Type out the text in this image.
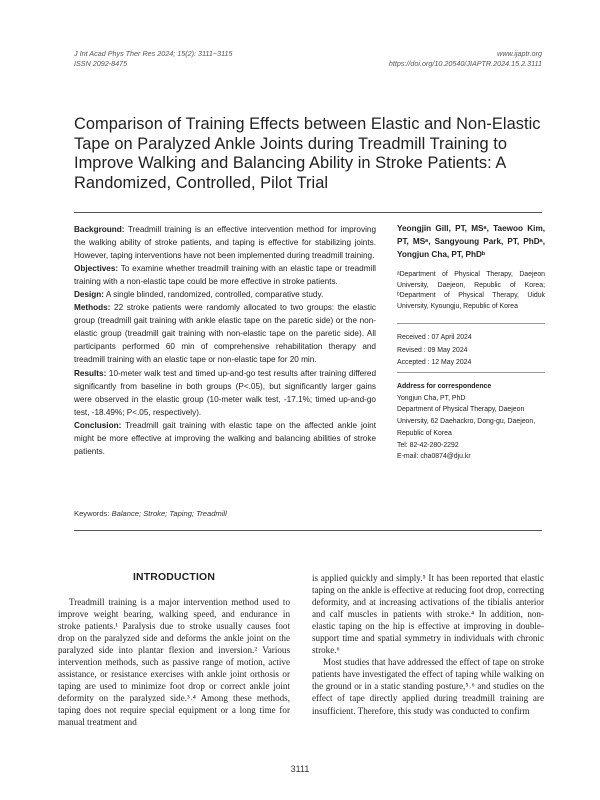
J Int Acad Phys Ther Res 2024; 15(2): 3111~3115
ISSN 2092-8475
www.ijaptr.org
https://doi.org/10.20540/JIAPTR.2024.15.2.3111
Comparison of Training Effects between Elastic and Non-Elastic Tape on Paralyzed Ankle Joints during Treadmill Training to Improve Walking and Balancing Ability in Stroke Patients: A Randomized, Controlled, Pilot Trial

Background: Treadmill training is an effective intervention method for improving the walking ability of stroke patients, and taping is effective for stabilizing joints. However, taping interventions have not been implemented during treadmill training.

Objectives: To examine whether treadmill training with an elastic tape or treadmill training with a non-elastic tape could be more effective in stroke patients.

Design: A single blinded, randomized, controlled, comparative study.

Methods: 22 stroke patients were randomly allocated to two groups: the elastic group (treadmill gait training with ankle elastic tape on the paretic side) or the non-elastic group (treadmill gait training with non-elastic tape on the paretic side). All participants performed 60 min of comprehensive rehabilitation therapy and treadmill training with an elastic tape or non-elastic tape for 20 min.

Results: 10-meter walk test and timed up-and-go test results after training differed significantly from baseline in both groups (P<.05), but significantly larger gains were observed in the elastic group (10-meter walk test, -17.1%; timed up-and-go test, -18.49%; P<.05, respectively).

Conclusion: Treadmill gait training with elastic tape on the affected ankle joint might be more effective at improving the walking and balancing abilities of stroke patients.

Keywords: Balance; Stroke; Taping; Treadmill
Yeongjin Gill, PT, MSᵃ, Taewoo Kim, PT, MSᵃ, Sangyoung Park, PT, PhDᵃ, Yongjun Cha, PT, PhDᵇ
ᵃDepartment of Physical Therapy, Daejeon University, Daejeon, Republic of Korea; ᵇDepartment of Physical Therapy, Uiduk University, Kyoungju, Republic of Korea
Received : 07 April 2024
Revised : 09 May 2024
Accepted : 12 May 2024
Address for correspondence
Yongjun Cha, PT, PhD
Department of Physical Therapy, Daejeon University, 62 Daehackro, Dong-gu, Daejeon, Republic of Korea
Tel: 82-42-280-2292
E-mail: cha0874@dju.kr
INTRODUCTION

Treadmill training is a major intervention method used to improve weight bearing, walking speed, and endurance in stroke patients.¹ Paralysis due to stroke usually causes foot drop on the paralyzed side and deforms the ankle joint on the paralyzed side into plantar flexion and inversion.² Various intervention methods, such as passive range of motion, active assistance, or resistance exercises with ankle joint orthosis or taping are used to minimize foot drop or correct ankle joint deformity on the paralyzed side.³˒⁴ Among these methods, taping does not require special equipment or a long time for manual treatment and

is applied quickly and simply.⁵ It has been reported that elastic taping on the ankle is effective at reducing foot drop, correcting deformity, and at increasing activations of the tibialis anterior and calf muscles in patients with stroke.⁴ In addition, non-elastic taping on the hip is effective at improving in double-support time and spatial symmetry in individuals with chronic stroke.⁶

Most studies that have addressed the effect of tape on stroke patients have investigated the effect of taping while walking on the ground or in a static standing posture,⁵˒⁶ and studies on the effect of tape directly applied during treadmill training are insufficient. Therefore, this study was conducted to confirm

3111
